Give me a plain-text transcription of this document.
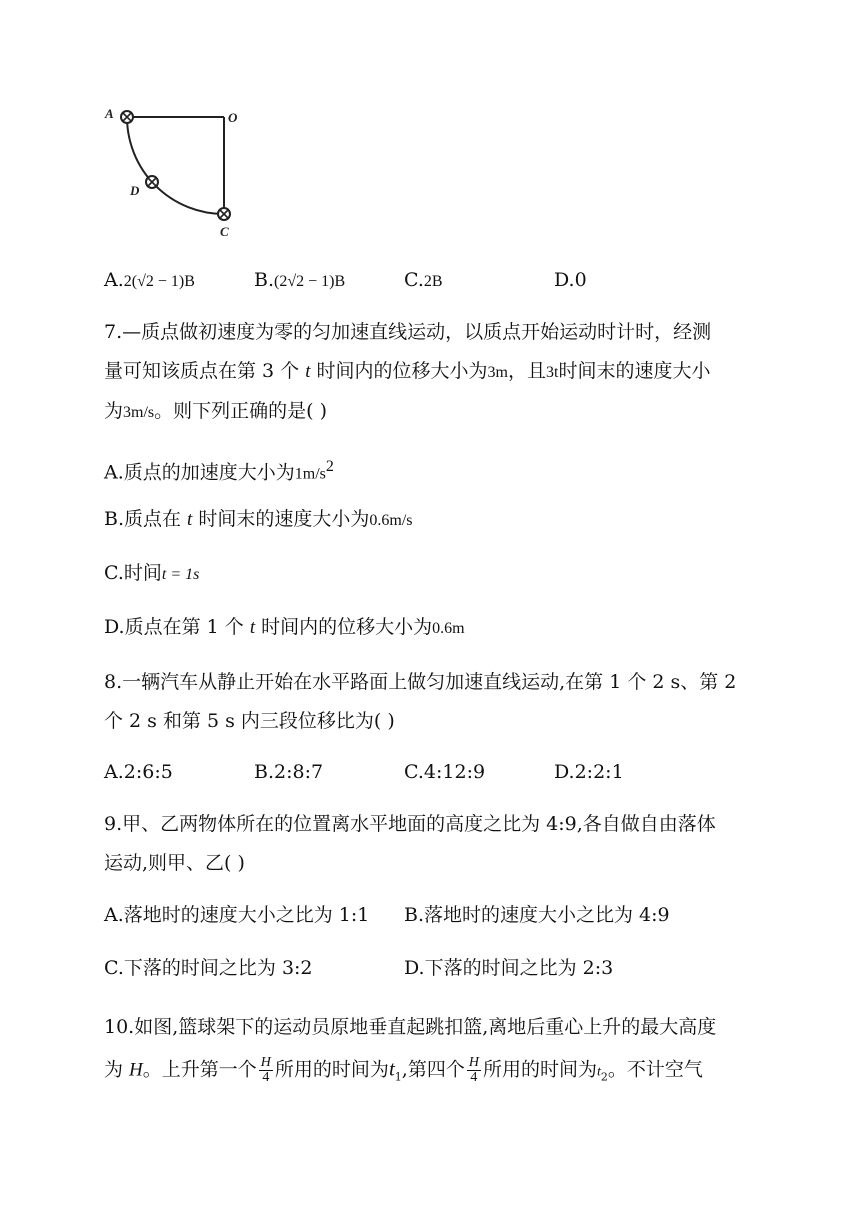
A	O
D
C
A.2(√2 − 1)B	B.(2√2 − 1)B	C.2B	D.0
7.—质点做初速度为零的匀加速直线运动，以质点开始运动时计时，经测
量可知该质点在第 3 个 t 时间内的位移大小为3m，且3t时间末的速度大小
为3m/s。则下列正确的是( )
A.质点的加速度大小为$1m/s^2$
B.质点在 t 时间末的速度大小为0.6m/s
C.时间t = 1s
D.质点在第 1 个 t 时间内的位移大小为0.6m
8.一辆汽车从静止开始在水平路面上做匀加速直线运动,在第 1 个 2 s、第 2
个 2 s 和第 5 s 内三段位移比为( )
A.2:6:5	B.2:8:7	C.4:12:9	D.2:2:1
9.甲、乙两物体所在的位置离水平地面的高度之比为 4:9,各自做自由落体
运动,则甲、乙( )
A.落地时的速度大小之比为 1:1 B.落地时的速度大小之比为 4:9
C.下落的时间之比为 3:2	D.下落的时间之比为 2:3
10.如图,篮球架下的运动员原地垂直起跳扣篮,离地后重心上升的最大高度
为 H。上升第一个 $\frac{H}{4}$ 所用的时间为$t_1$,第四个 $\frac{H}{4}$ 所用的时间为$t_2$。不计空气
